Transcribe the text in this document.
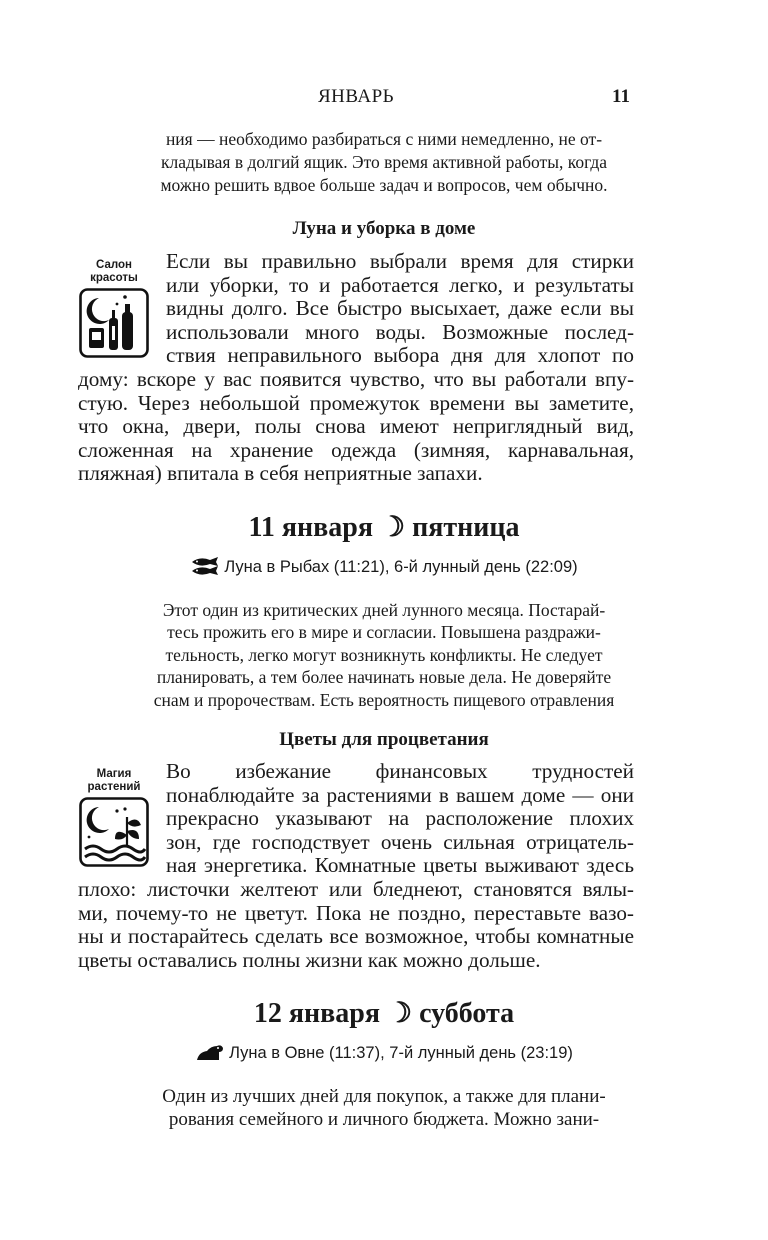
ЯНВАРЬ	11
ния — необходимо разбираться с ними немедленно, не от-
кладывая в долгий ящик. Это время активной работы, когда
можно решить вдвое больше задач и вопросов, чем обычно.
Луна и уборка в доме
Салон
красоты
Если вы правильно выбрали время для стирки
или уборки, то и работается легко, и результаты
видны долго. Все быстро высыхает, даже если вы
использовали много воды. Возможные послед-
ствия неправильного выбора дня для хлопот по
дому: вскоре у вас появится чувство, что вы работали впу-
стую. Через небольшой промежуток времени вы заметите,
что окна, двери, полы снова имеют неприглядный вид,
сложенная на хранение одежда (зимняя, карнавальная,
пляжная) впитала в себя неприятные запахи.
11 января ☽ пятница
Луна в Рыбах (11:21), 6-й лунный день (22:09)
Этот один из критических дней лунного месяца. Постарай-
тесь прожить его в мире и согласии. Повышена раздражи-
тельность, легко могут возникнуть конфликты. Не следует
планировать, а тем более начинать новые дела. Не доверяйте
снам и пророчествам. Есть вероятность пищевого отравления
Цветы для процветания
Магия
растений
Во избежание финансовых трудностей
понаблюдайте за растениями в вашем доме — они
прекрасно указывают на расположение плохих
зон, где господствует очень сильная отрицатель-
ная энергетика. Комнатные цветы выживают здесь
плохо: листочки желтеют или бледнеют, становятся вялы-
ми, почему-то не цветут. Пока не поздно, переставьте вазо-
ны и постарайтесь сделать все возможное, чтобы комнатные
цветы оставались полны жизни как можно дольше.
12 января ☽ суббота
Луна в Овне (11:37), 7-й лунный день (23:19)
Один из лучших дней для покупок, а также для плани-
рования семейного и личного бюджета. Можно зани-
